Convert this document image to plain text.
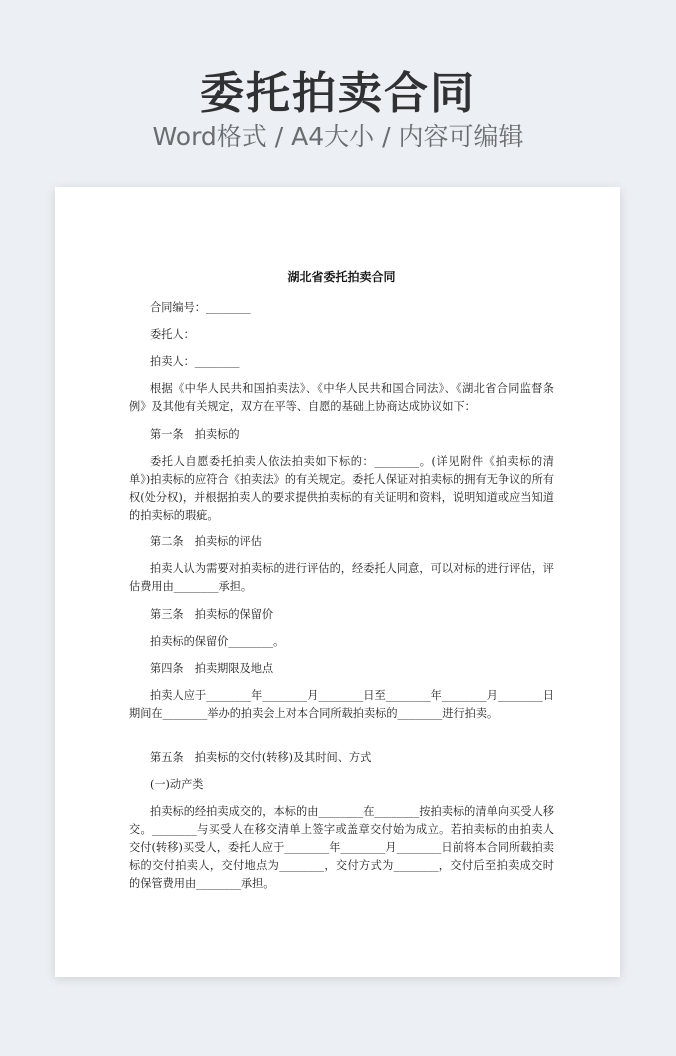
委托拍卖合同
Word格式 / A4大小 / 内容可编辑
湖北省委托拍卖合同
合同编号：________
委托人：
拍卖人：________
根据《中华人民共和国拍卖法》、《中华人民共和国合同法》、《湖北省合同监督条例》及其他有关规定，双方在平等、自愿的基础上协商达成协议如下：
第一条　拍卖标的
委托人自愿委托拍卖人依法拍卖如下标的：________。(详见附件《拍卖标的清单》)拍卖标的应符合《拍卖法》的有关规定。委托人保证对拍卖标的拥有无争议的所有权(处分权)，并根据拍卖人的要求提供拍卖标的有关证明和资料，说明知道或应当知道的拍卖标的瑕疵。
第二条　拍卖标的评估
拍卖人认为需要对拍卖标的进行评估的，经委托人同意，可以对标的进行评估，评估费用由________承担。
第三条　拍卖标的保留价
拍卖标的保留价________。
第四条　拍卖期限及地点
拍卖人应于________年________月________日至________年________月________日期间在________举办的拍卖会上对本合同所载拍卖标的________进行拍卖。
第五条　拍卖标的交付(转移)及其时间、方式
(一)动产类
拍卖标的经拍卖成交的，本标的由________在________按拍卖标的清单向买受人移交。________与买受人在移交清单上签字或盖章交付始为成立。若拍卖标的由拍卖人交付(转移)买受人，委托人应于________年________月________日前将本合同所载拍卖标的交付拍卖人，交付地点为________，交付方式为________，交付后至拍卖成交时的保管费用由________承担。
